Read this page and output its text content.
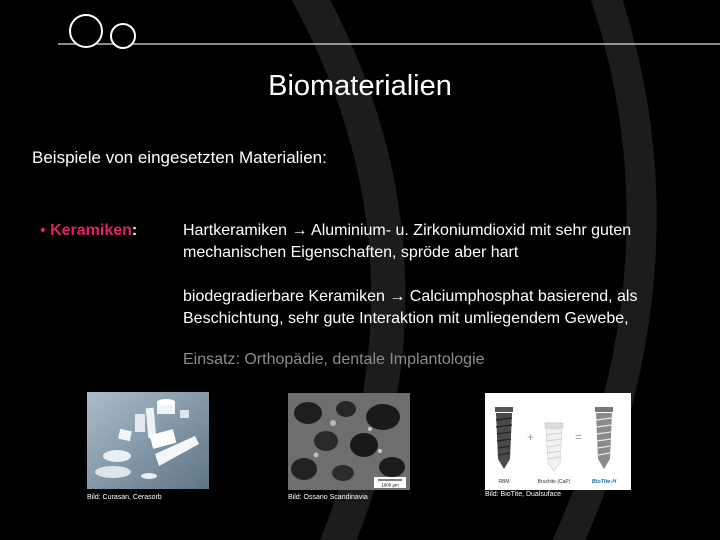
Biomaterialien
Beispiele von eingesetzten Materialien:
• Keramiken:	Hartkeramiken → Aluminium- u. Zirkoniumdioxid mit sehr guten mechanischen Eigenschaften, spröde aber hart
biodegradierbare Keramiken → Calciumphosphat basierend, als Beschichtung, sehr gute Interaktion mit umliegendem Gewebe,
Einsatz: Orthopädie, dentale Implantologie
1000 µm
+	=
RBM	Brushite (CaP)	BioTite-H
Bild: Curasan, Cerasorb	Bild: Ossano Scandinavia	Bild: BioTite, Dualsuface
